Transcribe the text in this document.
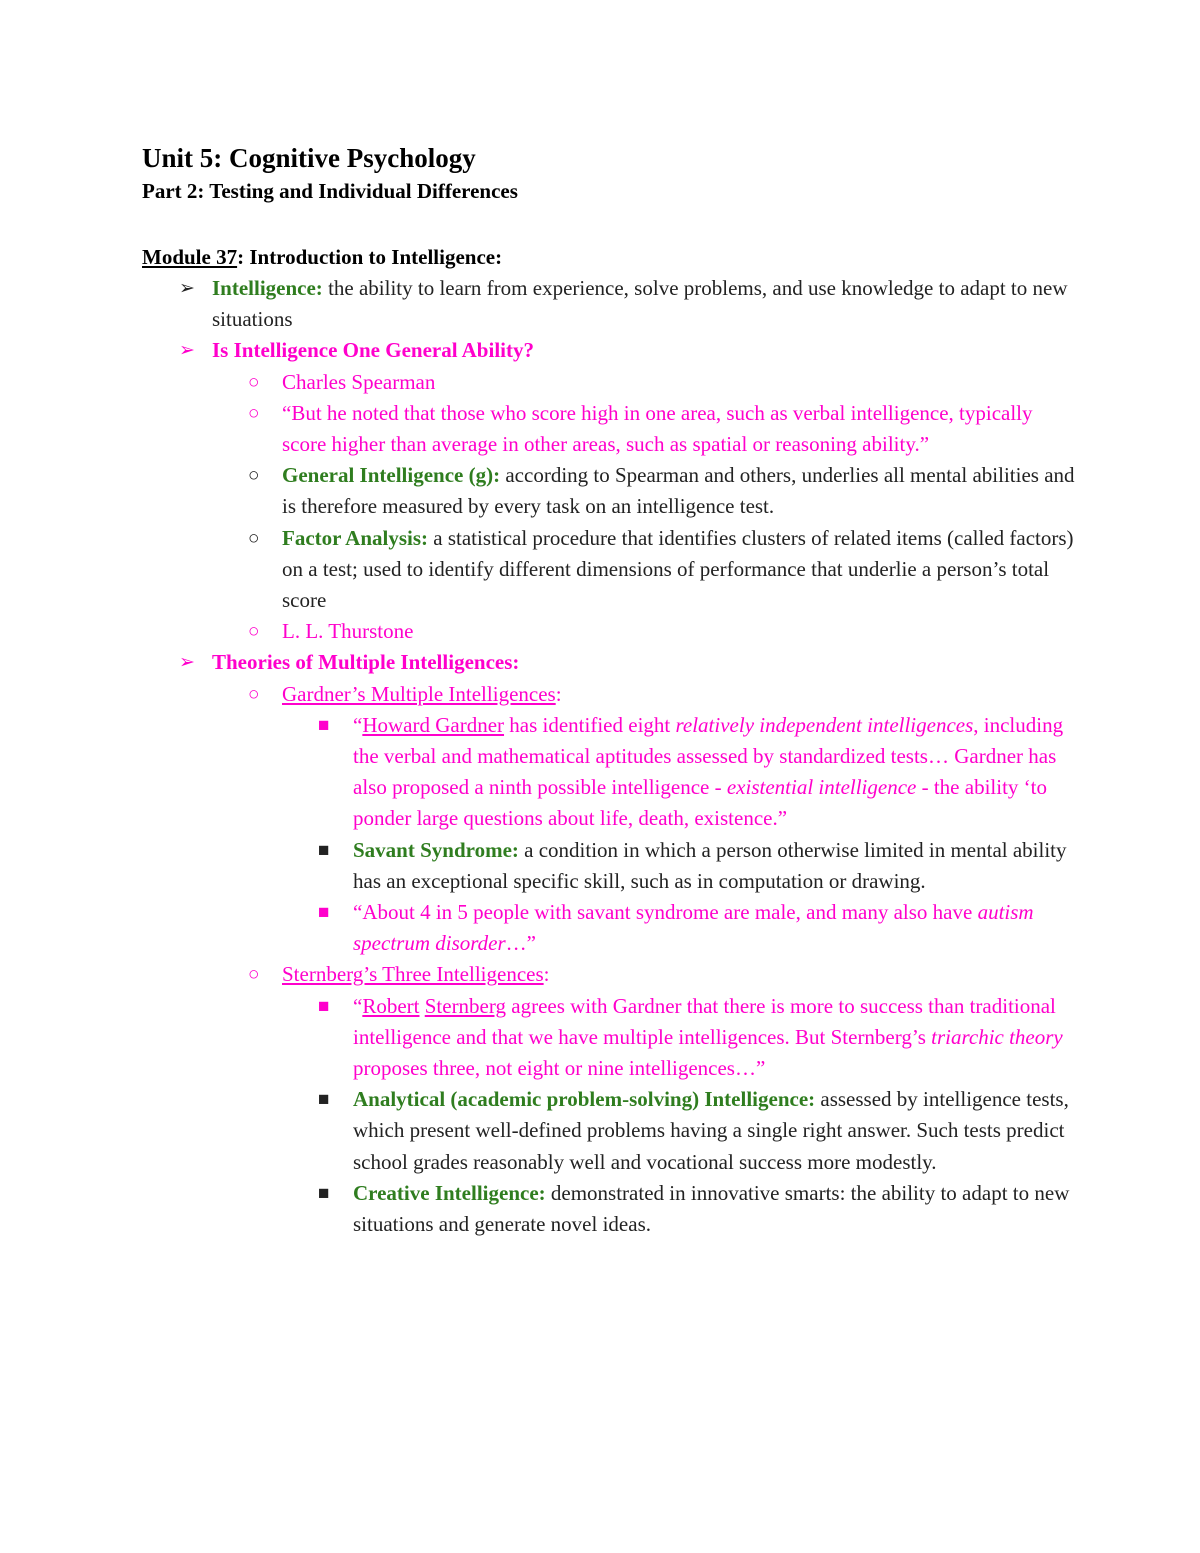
Unit 5: Cognitive Psychology
Part 2: Testing and Individual Differences
Module 37: Introduction to Intelligence:
➢ Intelligence: the ability to learn from experience, solve problems, and use knowledge to adapt to new situations
➢ Is Intelligence One General Ability?
○ Charles Spearman
○ “But he noted that those who score high in one area, such as verbal intelligence, typically score higher than average in other areas, such as spatial or reasoning ability.”
○ General Intelligence (g): according to Spearman and others, underlies all mental abilities and is therefore measured by every task on an intelligence test.
○ Factor Analysis: a statistical procedure that identifies clusters of related items (called factors) on a test; used to identify different dimensions of performance that underlie a person’s total score
○ L. L. Thurstone
➢ Theories of Multiple Intelligences:
○ Gardner’s Multiple Intelligences:
■ “Howard Gardner has identified eight relatively independent intelligences, including the verbal and mathematical aptitudes assessed by standardized tests… Gardner has also proposed a ninth possible intelligence - existential intelligence - the ability ‘to ponder large questions about life, death, existence.”
■ Savant Syndrome: a condition in which a person otherwise limited in mental ability has an exceptional specific skill, such as in computation or drawing.
■ “About 4 in 5 people with savant syndrome are male, and many also have autism spectrum disorder…”
○ Sternberg’s Three Intelligences:
■ “Robert Sternberg agrees with Gardner that there is more to success than traditional intelligence and that we have multiple intelligences. But Sternberg’s triarchic theory proposes three, not eight or nine intelligences…”
■ Analytical (academic problem-solving) Intelligence: assessed by intelligence tests, which present well-defined problems having a single right answer. Such tests predict school grades reasonably well and vocational success more modestly.
■ Creative Intelligence: demonstrated in innovative smarts: the ability to adapt to new situations and generate novel ideas.
